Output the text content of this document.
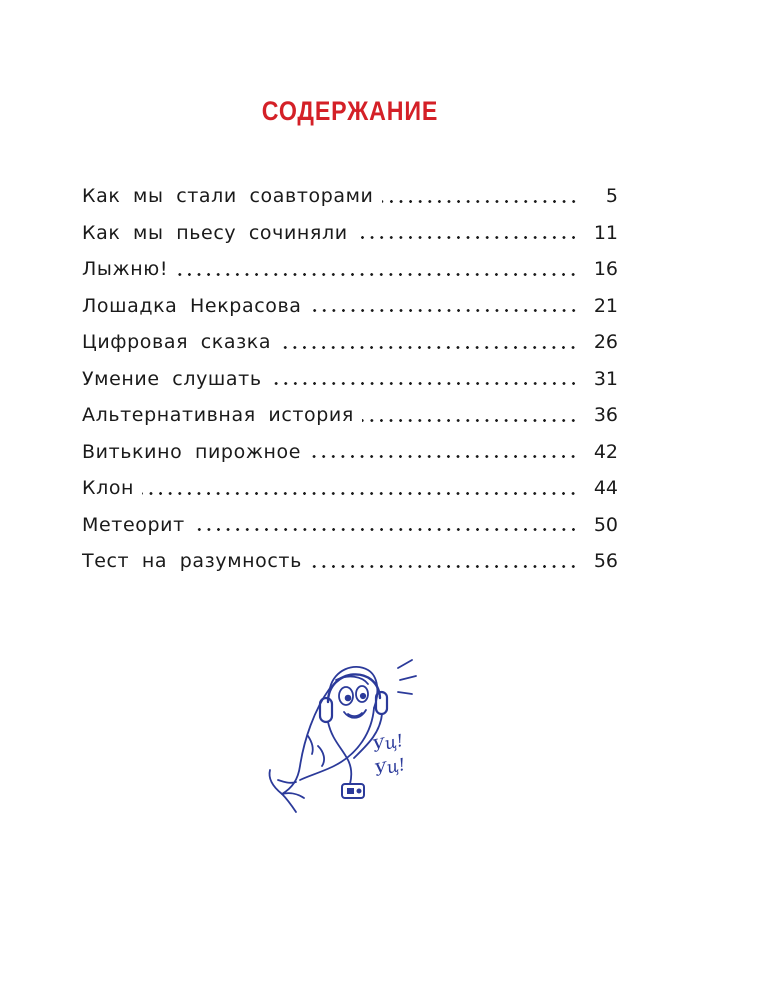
СОДЕРЖАНИЕ
Как мы стали соавторами	5
Как мы пьесу сочиняли	11
Лыжню!	16
Лошадка Некрасова	21
Цифровая сказка	26
Умение слушать	31
Альтернативная история	36
Витькино пирожное	42
Клон	44
Метеорит	50
Тест на разумность	56
Уц!
Уц!
